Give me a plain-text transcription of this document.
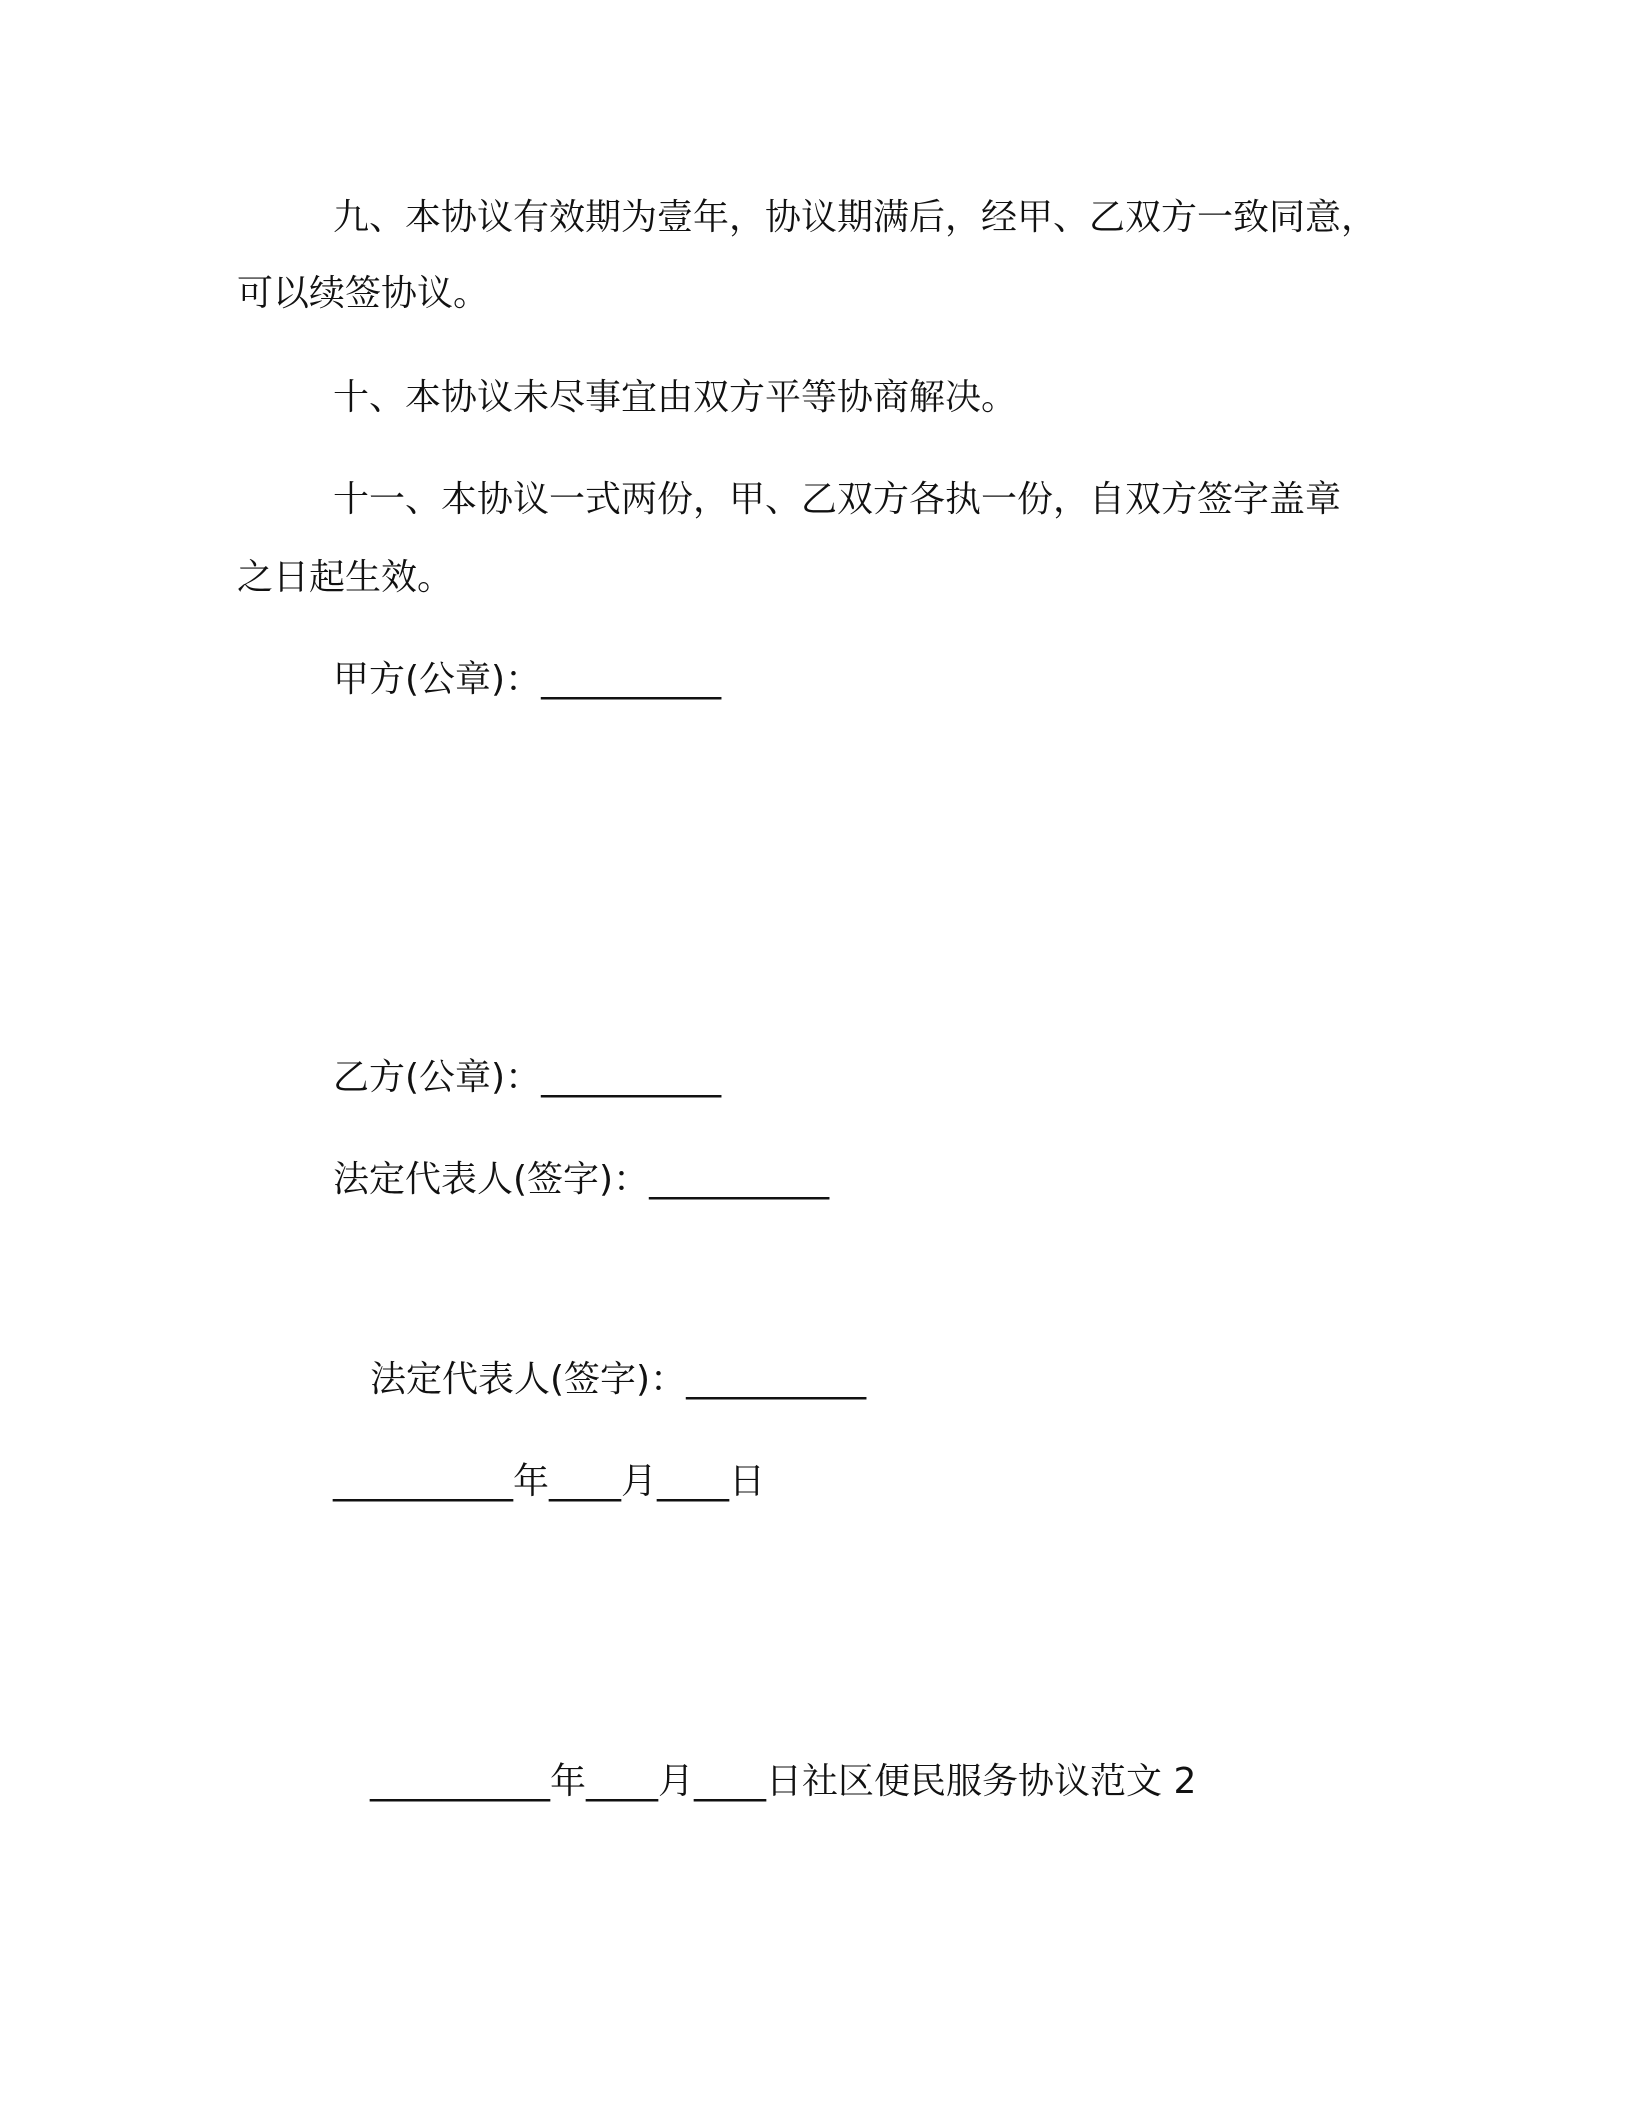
九、本协议有效期为壹年，协议期满后，经甲、乙双方一致同意，

可以续签协议。

十、本协议未尽事宜由双方平等协商解决。

十一、本协议一式两份，甲、乙双方各执一份，自双方签字盖章

之日起生效。

甲方(公章)：__________

乙方(公章)：__________

法定代表人(签字)：__________

法定代表人(签字)：__________

__________年____月____日

__________年____月____日社区便民服务协议范文 2
